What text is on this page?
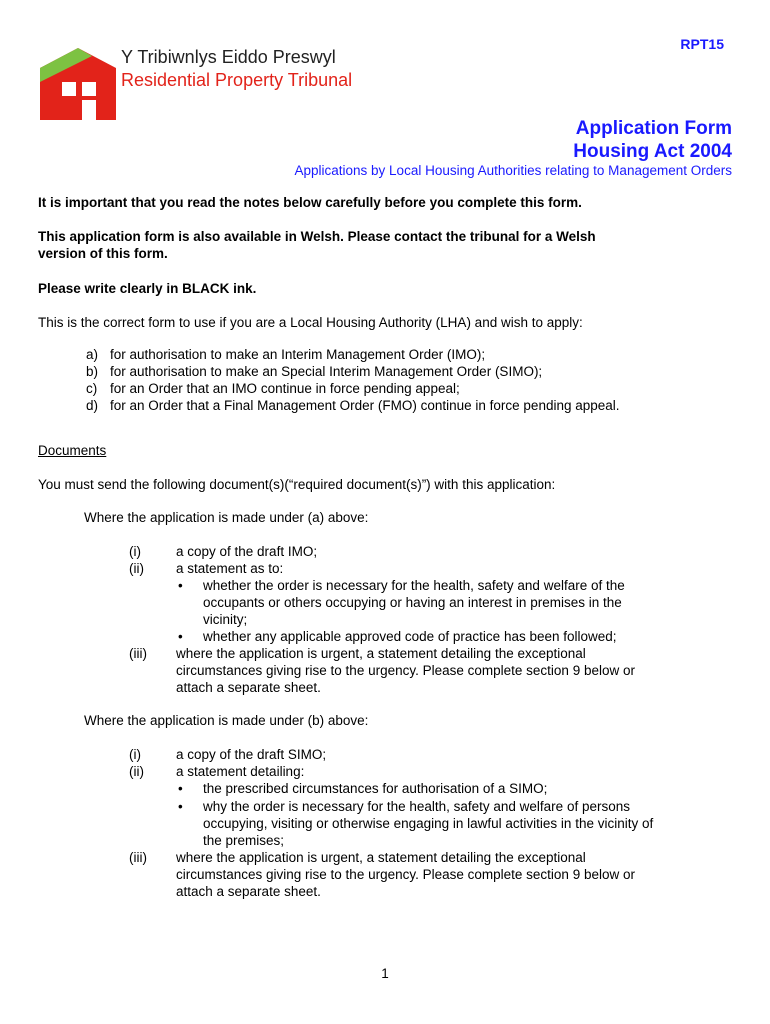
RPT15
Y Tribiwnlys Eiddo Preswyl
Residential Property Tribunal
Application Form
Housing Act 2004
Applications by Local Housing Authorities relating to Management Orders
It is important that you read the notes below carefully before you complete this form.
This application form is also available in Welsh. Please contact the tribunal for a Welsh
version of this form.
Please write clearly in BLACK ink.
This is the correct form to use if you are a Local Housing Authority (LHA) and wish to apply:
a) for authorisation to make an Interim Management Order (IMO);
b) for authorisation to make an Special Interim Management Order (SIMO);
c) for an Order that an IMO continue in force pending appeal;
d) for an Order that a Final Management Order (FMO) continue in force pending appeal.
Documents
You must send the following document(s)(“required document(s)”) with this application:
Where the application is made under (a) above:
(i)	a copy of the draft IMO;
(ii) a statement as to:
• whether the order is necessary for the health, safety and welfare of the
occupants or others occupying or having an interest in premises in the
vicinity;
• whether any applicable approved code of practice has been followed;
(iii) where the application is urgent, a statement detailing the exceptional
circumstances giving rise to the urgency. Please complete section 9 below or
attach a separate sheet.
Where the application is made under (b) above:
(i)	a copy of the draft SIMO;
(ii) a statement detailing:
• the prescribed circumstances for authorisation of a SIMO;
• why the order is necessary for the health, safety and welfare of persons
occupying, visiting or otherwise engaging in lawful activities in the vicinity of
the premises;
(iii) where the application is urgent, a statement detailing the exceptional
circumstances giving rise to the urgency. Please complete section 9 below or
attach a separate sheet.
1
